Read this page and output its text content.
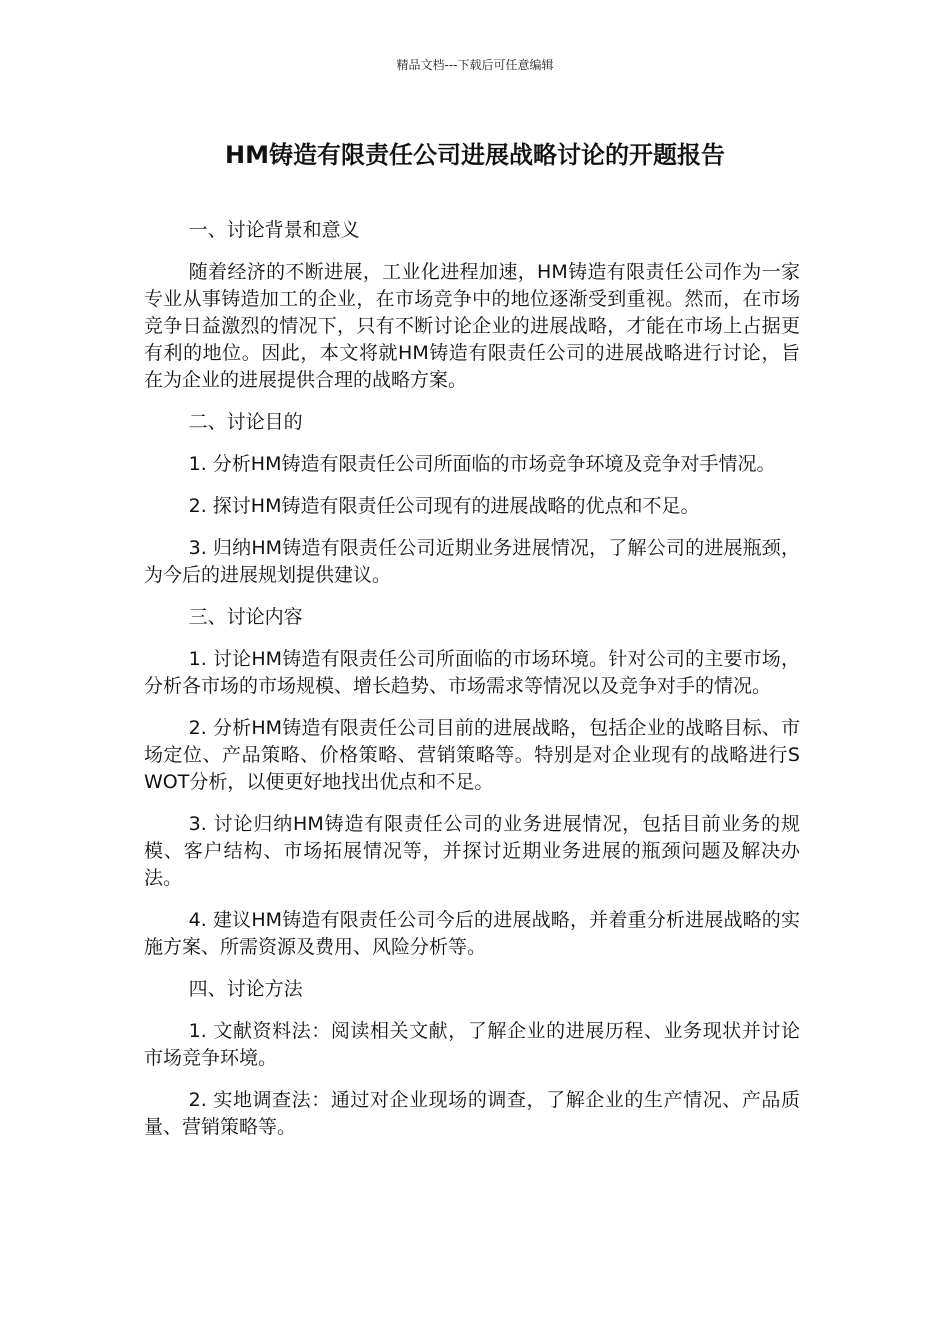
精品文档---下载后可任意编辑
HM铸造有限责任公司进展战略讨论的开题报告

一、讨论背景和意义

随着经济的不断进展，工业化进程加速，HM铸造有限责任公司作为一家专业从事铸造加工的企业，在市场竞争中的地位逐渐受到重视。然而，在市场竞争日益激烈的情况下，只有不断讨论企业的进展战略，才能在市场上占据更有利的地位。因此，本文将就HM铸造有限责任公司的进展战略进行讨论，旨在为企业的进展提供合理的战略方案。

二、讨论目的

1. 分析HM铸造有限责任公司所面临的市场竞争环境及竞争对手情况。

2. 探讨HM铸造有限责任公司现有的进展战略的优点和不足。

3. 归纳HM铸造有限责任公司近期业务进展情况，了解公司的进展瓶颈，为今后的进展规划提供建议。

三、讨论内容

1. 讨论HM铸造有限责任公司所面临的市场环境。针对公司的主要市场，分析各市场的市场规模、增长趋势、市场需求等情况以及竞争对手的情况。

2. 分析HM铸造有限责任公司目前的进展战略，包括企业的战略目标、市场定位、产品策略、价格策略、营销策略等。特别是对企业现有的战略进行SWOT分析，以便更好地找出优点和不足。

3. 讨论归纳HM铸造有限责任公司的业务进展情况，包括目前业务的规模、客户结构、市场拓展情况等，并探讨近期业务进展的瓶颈问题及解决办法。

4. 建议HM铸造有限责任公司今后的进展战略，并着重分析进展战略的实施方案、所需资源及费用、风险分析等。

四、讨论方法

1. 文献资料法：阅读相关文献，了解企业的进展历程、业务现状并讨论市场竞争环境。

2. 实地调查法：通过对企业现场的调查，了解企业的生产情况、产品质量、营销策略等。
